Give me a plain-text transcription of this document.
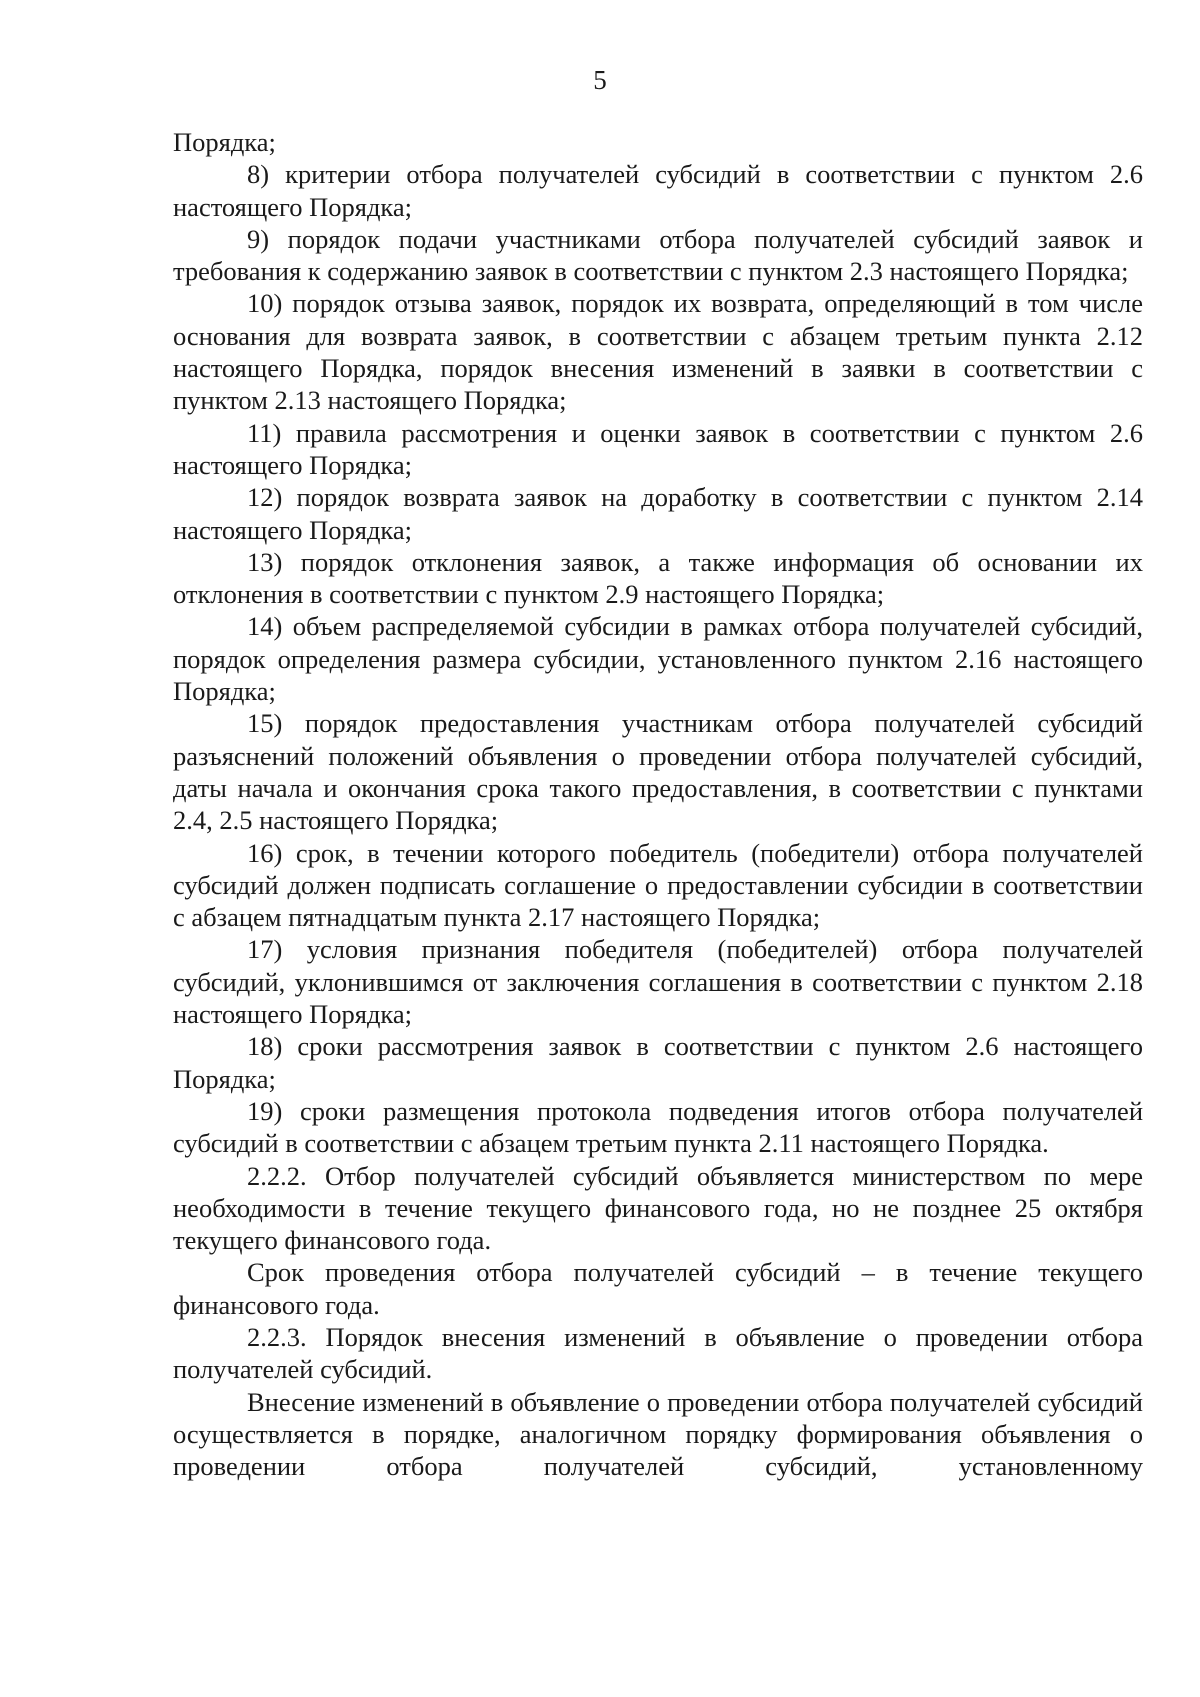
5

Порядка;

8) критерии отбора получателей субсидий в соответствии с пунктом 2.6 настоящего Порядка;

9) порядок подачи участниками отбора получателей субсидий заявок и требования к содержанию заявок в соответствии с пунктом 2.3 настоящего Порядка;

10) порядок отзыва заявок, порядок их возврата, определяющий в том числе основания для возврата заявок, в соответствии с абзацем третьим пункта 2.12 настоящего Порядка, порядок внесения изменений в заявки в соответствии с пунктом 2.13 настоящего Порядка;

11) правила рассмотрения и оценки заявок в соответствии с пунктом 2.6 настоящего Порядка;

12) порядок возврата заявок на доработку в соответствии с пунктом 2.14 настоящего Порядка;

13) порядок отклонения заявок, а также информация об основании их отклонения в соответствии с пунктом 2.9 настоящего Порядка;

14) объем распределяемой субсидии в рамках отбора получателей субсидий, порядок определения размера субсидии, установленного пунктом 2.16 настоящего Порядка;

15) порядок предоставления участникам отбора получателей субсидий разъяснений положений объявления о проведении отбора получателей субсидий, даты начала и окончания срока такого предоставления, в соответствии с пунктами 2.4, 2.5 настоящего Порядка;

16) срок, в течении которого победитель (победители) отбора получателей субсидий должен подписать соглашение о предоставлении субсидии в соответствии с абзацем пятнадцатым пункта 2.17 настоящего Порядка;

17) условия признания победителя (победителей) отбора получателей субсидий, уклонившимся от заключения соглашения в соответствии с пунктом 2.18 настоящего Порядка;

18) сроки рассмотрения заявок в соответствии с пунктом 2.6 настоящего Порядка;

19) сроки размещения протокола подведения итогов отбора получателей субсидий в соответствии с абзацем третьим пункта 2.11 настоящего Порядка.

2.2.2. Отбор получателей субсидий объявляется министерством по мере необходимости в течение текущего финансового года, но не позднее 25 октября текущего финансового года.

Срок проведения отбора получателей субсидий – в течение текущего финансового года.

2.2.3. Порядок внесения изменений в объявление о проведении отбора получателей субсидий.

Внесение изменений в объявление о проведении отбора получателей субсидий осуществляется в порядке, аналогичном порядку формирования объявления о проведении отбора получателей субсидий, установленному
